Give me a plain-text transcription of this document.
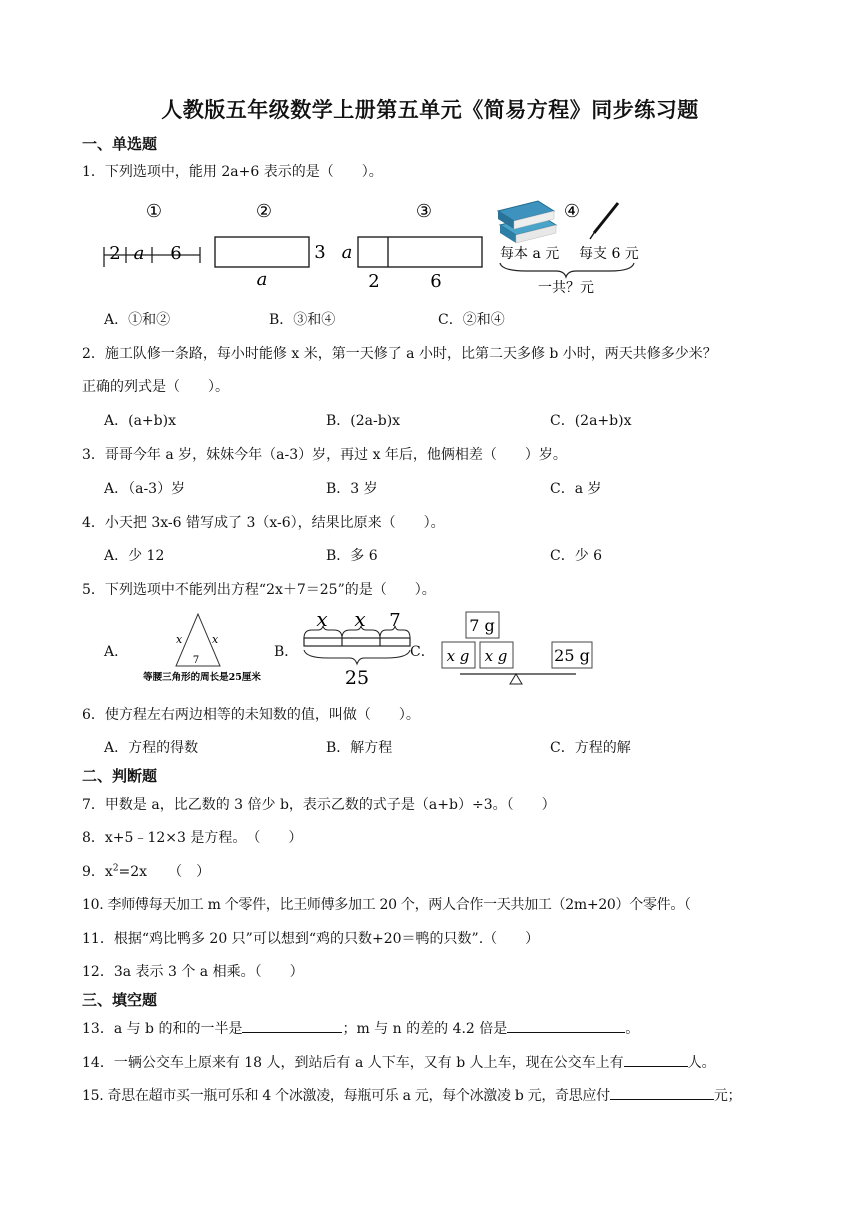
人教版五年级数学上册第五单元《简易方程》同步练习题
一、单选题
1．下列选项中，能用 2a+6 表示的是（　　）。
①
2 a 6
②
3
a
③
a
2	6
④
每本 a 元 每支 6 元
一共？元
A．①和②	B．③和④	C．②和④
2．施工队修一条路，每小时能修 x 米，第一天修了 a 小时，比第二天多修 b 小时，两天共修多少米？
正确的列式是（　　）。
A．(a+b)x	B．(2a-b)x	C．(2a+b)x
3．哥哥今年 a 岁，妹妹今年（a-3）岁，再过 x 年后，他俩相差（　　）岁。
A．（a-3）岁	B．3 岁	C．a 岁
4．小天把 3x-6 错写成了 3（x-6），结果比原来（　　）。
A．少 12	B．多 6	C．少 6
5．下列选项中不能列出方程“2x＋7＝25”的是（　　）。
A．
x	x
7
等腰三角形的周长是25厘米
B．
x x 7
25
C．
7 g
x g x g	25 g
6．使方程左右两边相等的未知数的值，叫做（　　）。
A．方程的得数	B．解方程	C．方程的解
二、判断题
7．甲数是 a，比乙数的 3 倍少 b，表示乙数的式子是（a+b）÷3。（　　）
8．x+5﹣12×3 是方程。　（　　）
9．$x^2=2x$　　（　）
10. 李师傅每天加工 m 个零件，比王师傅多加工 20 个，两人合作一天共加工（2m+20）个零件。（
11．根据“鸡比鸭多 20 只”可以想到“鸡的只数+20＝鸭的只数”.（　　）
12．3a 表示 3 个 a 相乘。（　　）
三、填空题
13．a 与 b 的和的一半是	；m 与 n 的差的 4.2 倍是	。
14．一辆公交车上原来有 18 人，到站后有 a 人下车，又有 b 人上车，现在公交车上有	人。
15. 奇思在超市买一瓶可乐和 4 个冰激凌，每瓶可乐 a 元，每个冰激凌 b 元，奇思应付	元；
